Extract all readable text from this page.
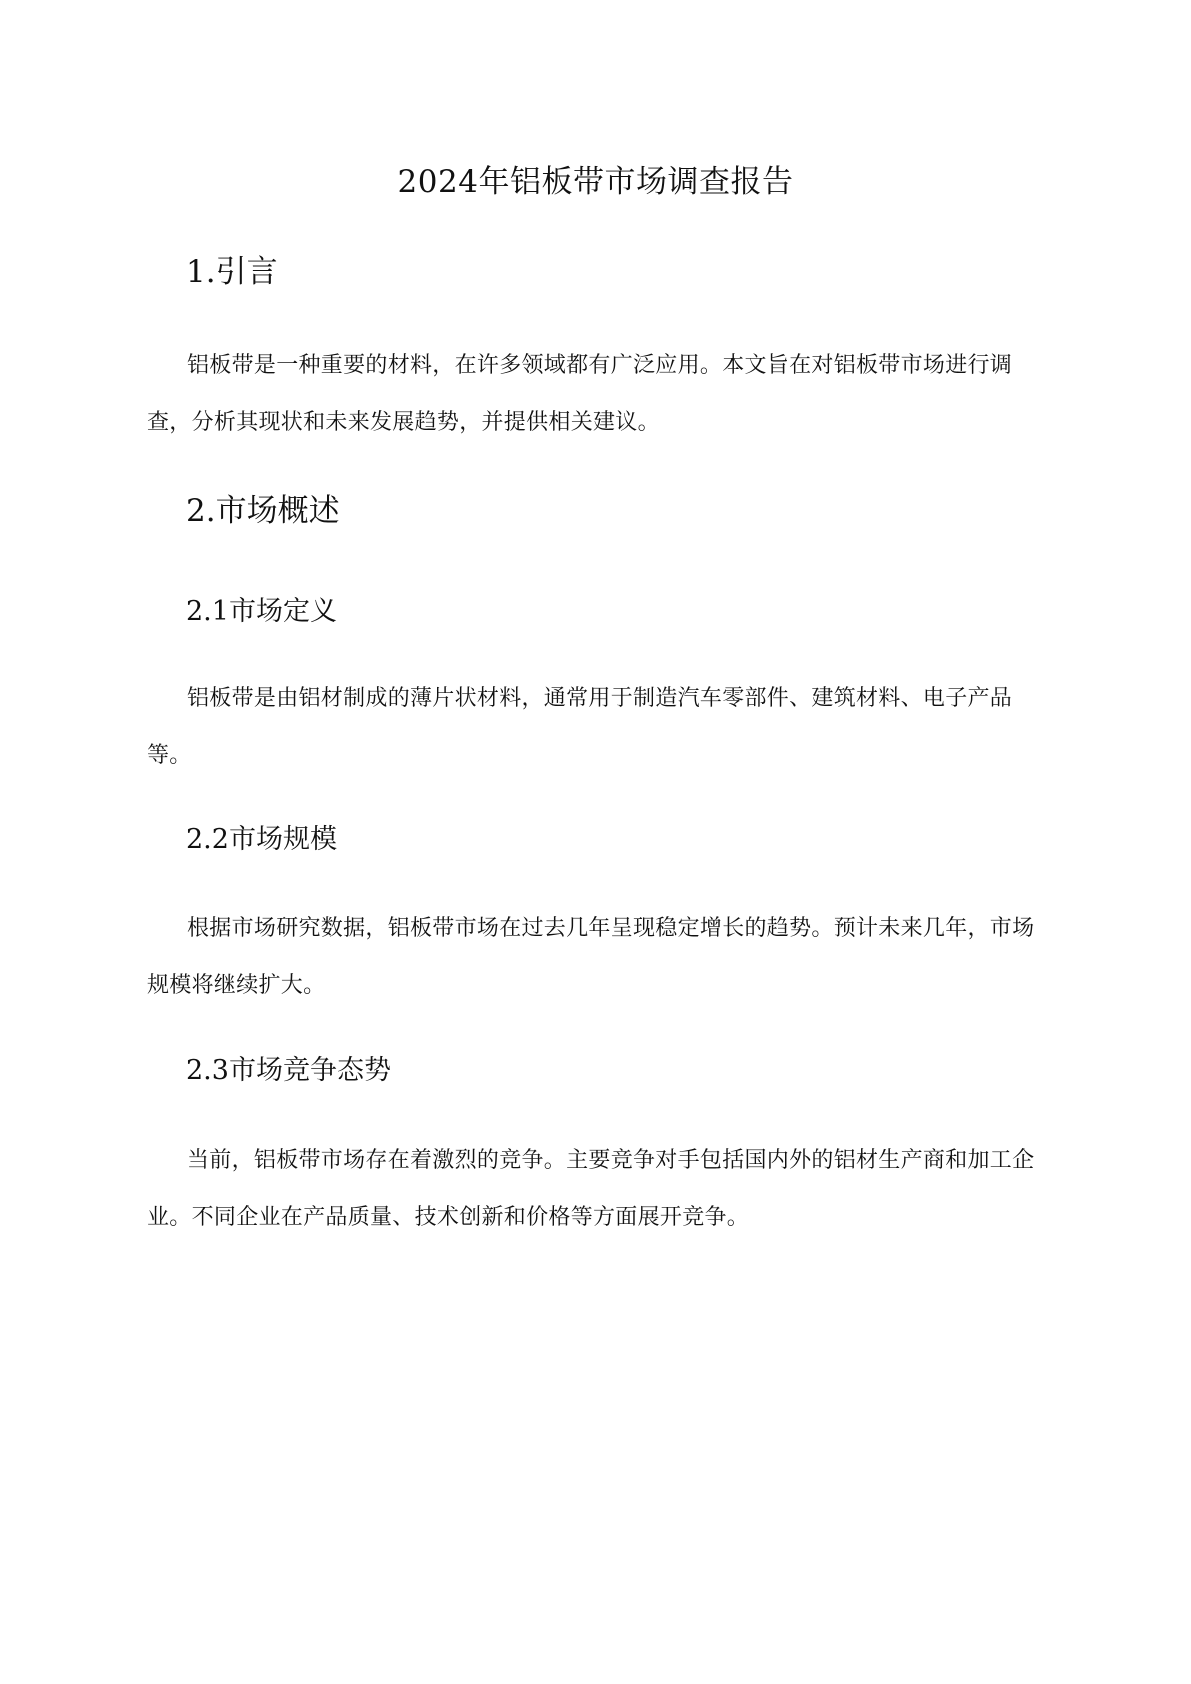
2024年铝板带市场调查报告
1.引言
铝板带是一种重要的材料，在许多领域都有广泛应用。本文旨在对铝板带市场进行调查，分析其现状和未来发展趋势，并提供相关建议。
2.市场概述
2.1市场定义
铝板带是由铝材制成的薄片状材料，通常用于制造汽车零部件、建筑材料、电子产品等。
2.2市场规模
根据市场研究数据，铝板带市场在过去几年呈现稳定增长的趋势。预计未来几年，市场规模将继续扩大。
2.3市场竞争态势
当前，铝板带市场存在着激烈的竞争。主要竞争对手包括国内外的铝材生产商和加工企业。不同企业在产品质量、技术创新和价格等方面展开竞争。
